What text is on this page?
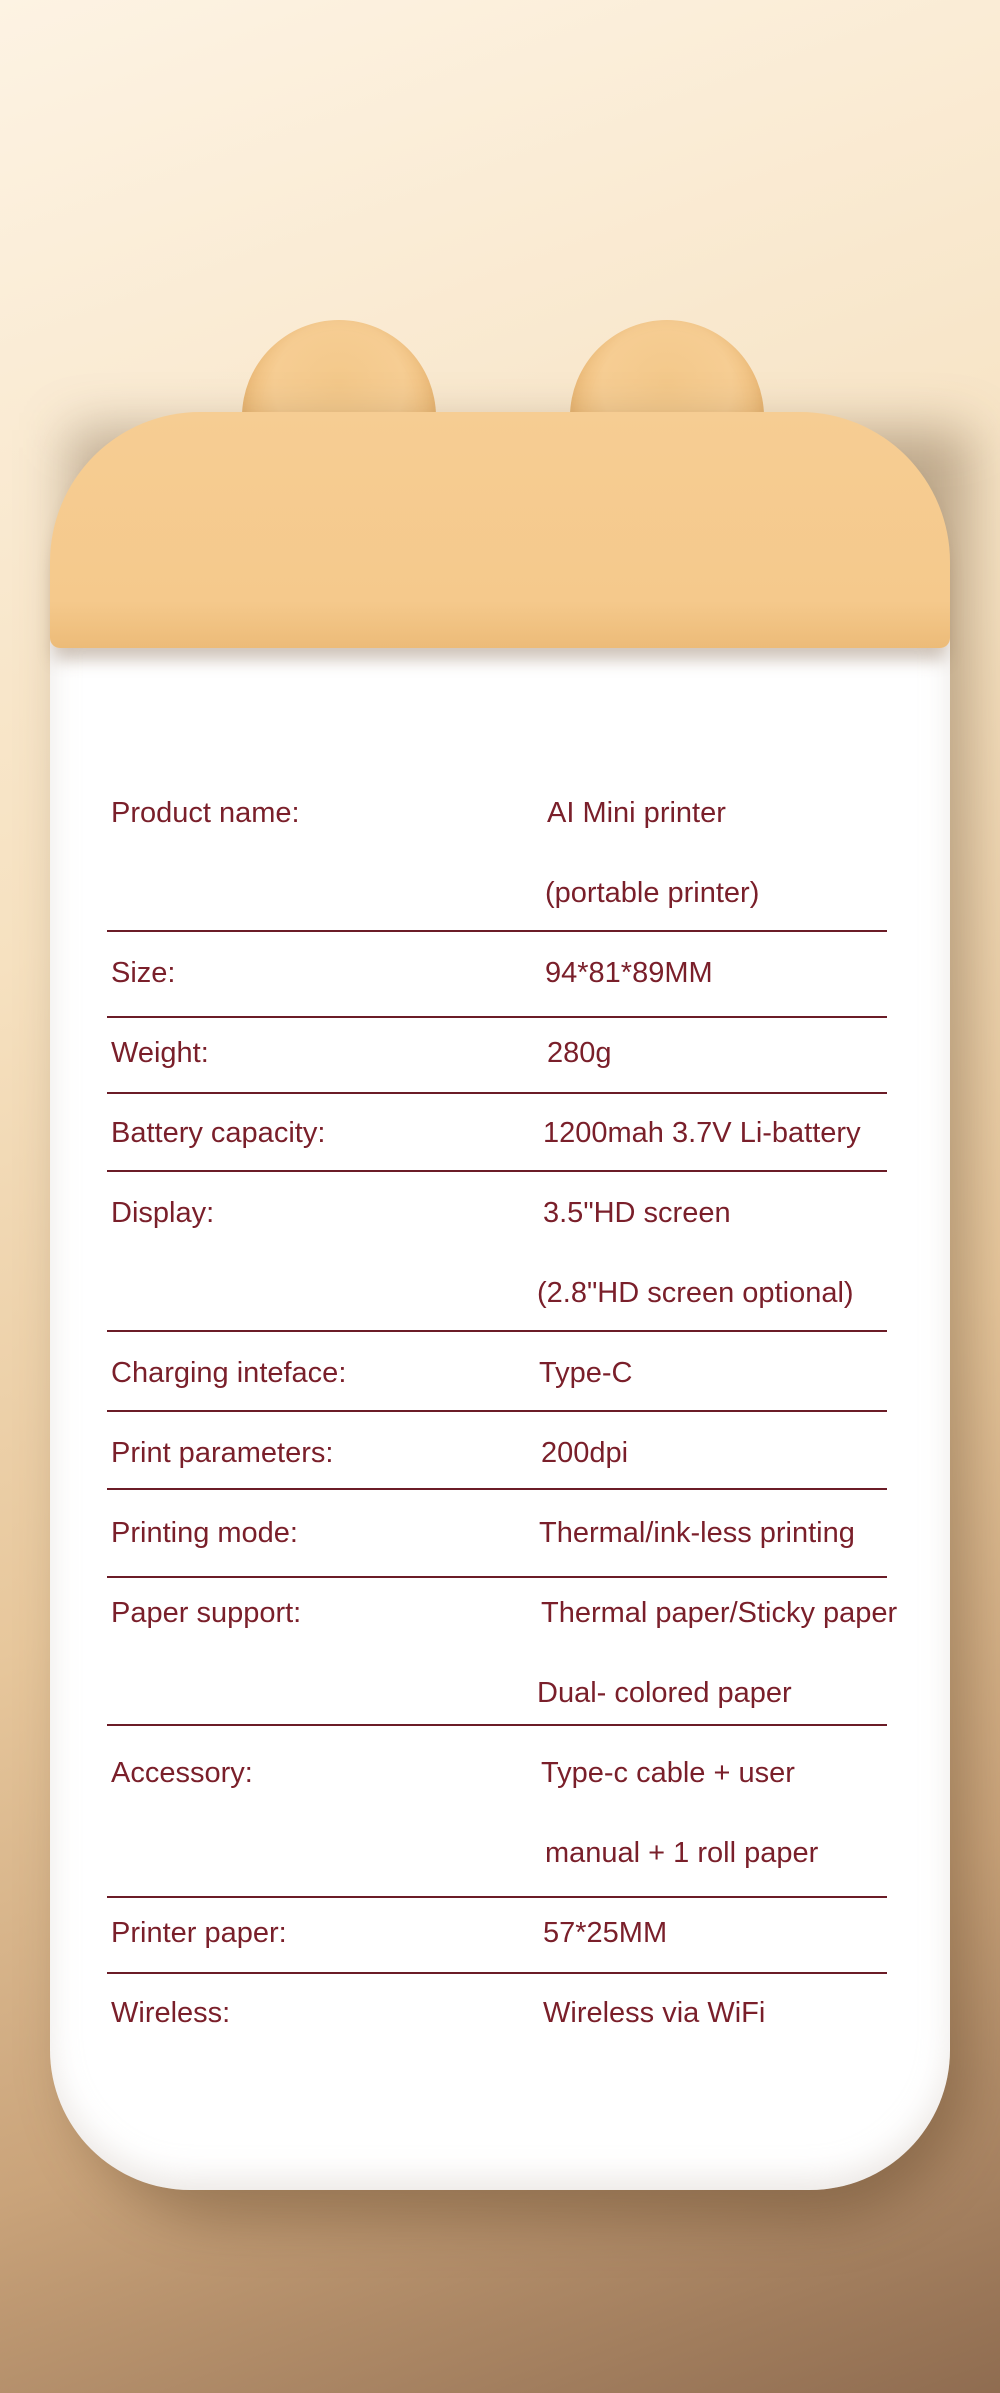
Product name:	AI Mini printer
(portable printer)
Size:	94*81*89MM
Weight:	280g
Battery capacity:	1200mah 3.7V Li-battery
Display:	3.5"HD screen
(2.8"HD screen optional)
Charging inteface:	Type-C
Print parameters:	200dpi
Printing mode:	Thermal/ink-less printing
Paper support:	Thermal paper/Sticky paper
Dual- colored paper
Accessory:	Type-c cable + user
manual + 1 roll paper
Printer paper:	57*25MM
Wireless:	Wireless via WiFi
